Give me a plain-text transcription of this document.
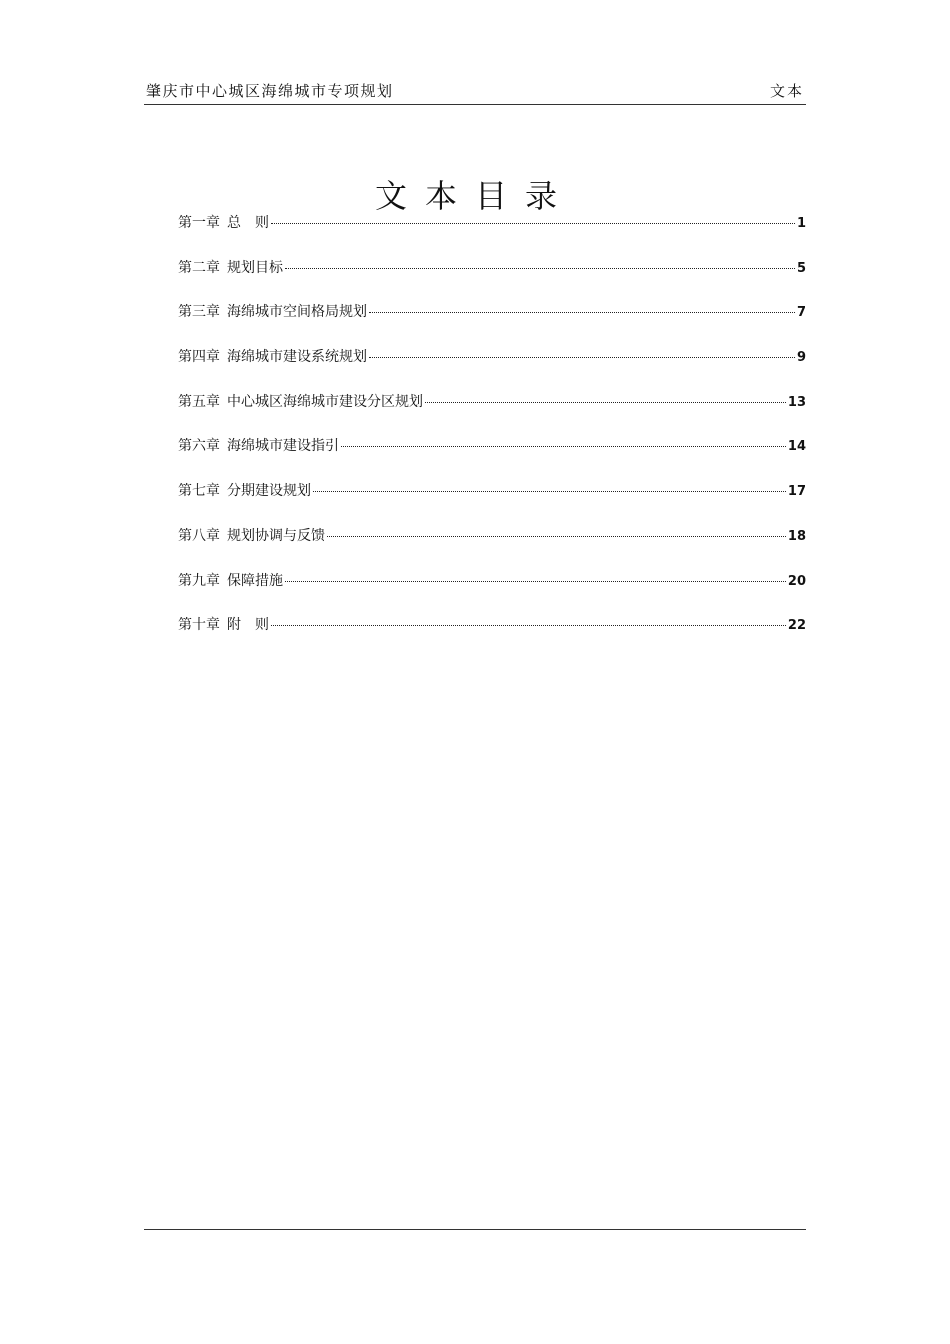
肇庆市中心城区海绵城市专项规划	文本
文本目录
第一章 总　则	1
第二章 规划目标	5
第三章 海绵城市空间格局规划	7
第四章 海绵城市建设系统规划	9
第五章 中心城区海绵城市建设分区规划	13
第六章 海绵城市建设指引	14
第七章 分期建设规划	17
第八章 规划协调与反馈	18
第九章 保障措施	20
第十章 附　则	22
